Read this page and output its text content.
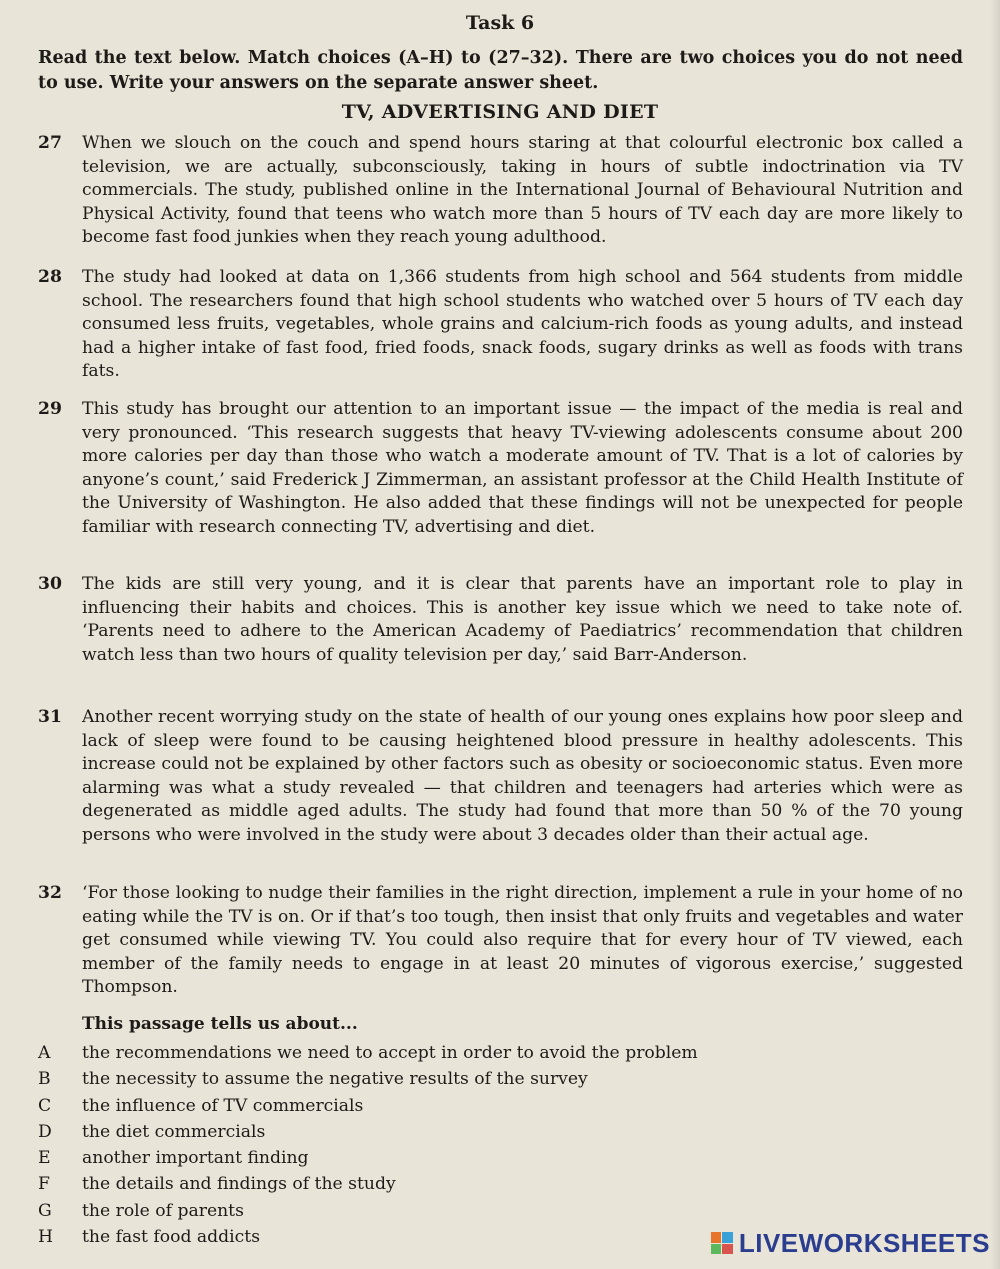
Task 6
Read the text below. Match choices (A–H) to (27–32). There are two choices you do not need to use. Write your answers on the separate answer sheet.
TV, ADVERTISING AND DIET
27 When we slouch on the couch and spend hours staring at that colourful electronic box called a television, we are actually, subconsciously, taking in hours of subtle indoctrination via TV commercials. The study, published online in the International Journal of Behavioural Nutrition and Physical Activity, found that teens who watch more than 5 hours of TV each day are more likely to become fast food junkies when they reach young adulthood.
28 The study had looked at data on 1,366 students from high school and 564 students from middle school. The researchers found that high school students who watched over 5 hours of TV each day consumed less fruits, vegetables, whole grains and calcium-rich foods as young adults, and instead had a higher intake of fast food, fried foods, snack foods, sugary drinks as well as foods with trans fats.
29 This study has brought our attention to an important issue — the impact of the media is real and very pronounced. ‘This research suggests that heavy TV-viewing adolescents consume about 200 more calories per day than those who watch a moderate amount of TV. That is a lot of calories by anyone’s count,’ said Frederick J Zimmerman, an assistant professor at the Child Health Institute of the University of Washington. He also added that these findings will not be unexpected for people familiar with research connecting TV, advertising and diet.
30 The kids are still very young, and it is clear that parents have an important role to play in influencing their habits and choices. This is another key issue which we need to take note of. ‘Parents need to adhere to the American Academy of Paediatrics’ recommendation that children watch less than two hours of quality television per day,’ said Barr-Anderson.
31 Another recent worrying study on the state of health of our young ones explains how poor sleep and lack of sleep were found to be causing heightened blood pressure in healthy adolescents. This increase could not be explained by other factors such as obesity or socioeconomic status. Even more alarming was what a study revealed — that children and teenagers had arteries which were as degenerated as middle aged adults. The study had found that more than 50 % of the 70 young persons who were involved in the study were about 3 decades older than their actual age.
32 ‘For those looking to nudge their families in the right direction, implement a rule in your home of no eating while the TV is on. Or if that’s too tough, then insist that only fruits and vegetables and water get consumed while viewing TV. You could also require that for every hour of TV viewed, each member of the family needs to engage in at least 20 minutes of vigorous exercise,’ suggested Thompson.
This passage tells us about...
A	the recommendations we need to accept in order to avoid the problem
B	the necessity to assume the negative results of the survey
C	the influence of TV commercials
D	the diet commercials
E	another important finding
F	the details and findings of the study
G	the role of parents
H	the fast food addicts	LIVEWORKSHEETS
